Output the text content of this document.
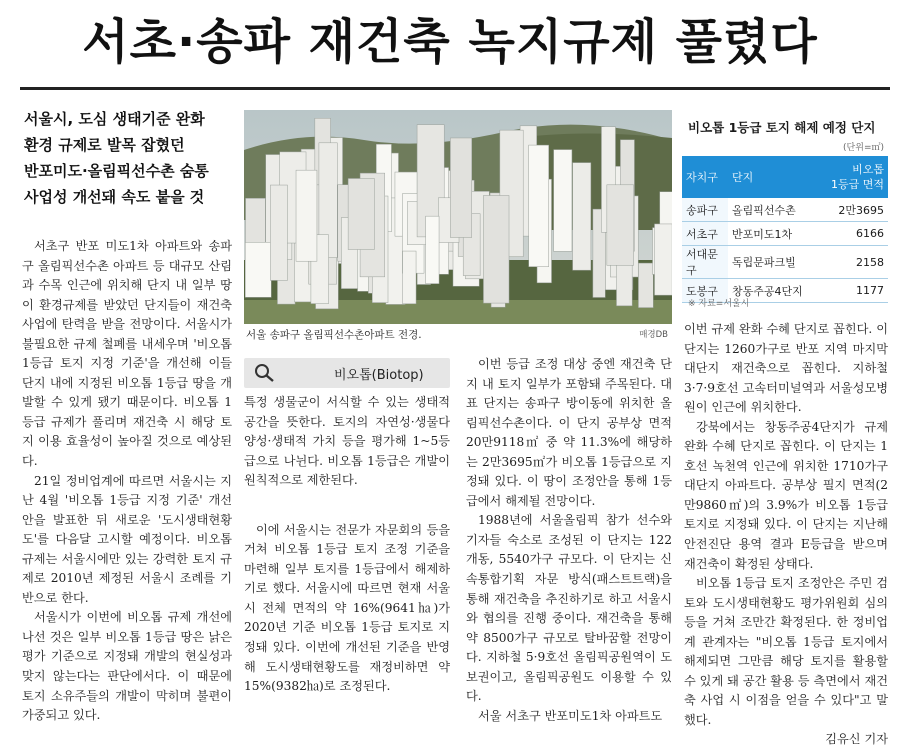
서초·송파 재건축 녹지규제 풀렸다
서울시, 도심 생태기준 완화
환경 규제로 발목 잡혔던
반포미도·올림픽선수촌 숨통
사업성 개선돼 속도 붙을 것
서울 송파구 올림픽선수촌아파트 전경.	매경DB
비오톱(Biotop)
비오톱 1등급 토지 해제 예정 단지
(단위=㎡)
자치구	단지	비오톱
1등급 면적
송파구	올림픽선수촌	2만3695
서초구	반포미도1차	6166
서대문구	독립문파크빌	2158
도봉구	창동주공4단지	1177
※ 자료=서울시

서초구 반포 미도1차 아파트와 송파구 올림픽선수촌 아파트 등 대규모 산림과 수목 인근에 위치해 단지 내 일부 땅이 환경규제를 받았던 단지들이 재건축 사업에 탄력을 받을 전망이다. 서울시가 불필요한 규제 철폐를 내세우며 '비오톱 1등급 토지 지정 기준'을 개선해 이들 단지 내에 지정된 비오톱 1등급 땅을 개발할 수 있게 됐기 때문이다. 비오톱 1등급 규제가 풀리며 재건축 시 해당 토지 이용 효율성이 높아질 것으로 예상된다.

21일 정비업계에 따르면 서울시는 지난 4월 '비오톱 1등급 지정 기준' 개선안을 발표한 뒤 새로운 '도시생태현황도'를 다음달 고시할 예정이다. 비오톱 규제는 서울시에만 있는 강력한 토지 규제로 2010년 제정된 서울시 조례를 기반으로 한다.

서울시가 이번에 비오톱 규제 개선에 나선 것은 일부 비오톱 1등급 땅은 낡은 평가 기준으로 지정돼 개발의 현실성과 맞지 않는다는 판단에서다. 이 때문에 토지 소유주들의 개발이 막히며 불편이 가중되고 있다.

특정 생물군이 서식할 수 있는 생태적 공간을 뜻한다. 토지의 자연성·생물다양성·생태적 가치 등을 평가해 1~5등급으로 나뉜다. 비오톱 1등급은 개발이 원칙적으로 제한된다.

이에 서울시는 전문가 자문회의 등을 거쳐 비오톱 1등급 토지 조정 기준을 마련해 일부 토지를 1등급에서 해제하기로 했다. 서울시에 따르면 현재 서울시 전체 면적의 약 16%(9641㏊)가 2020년 기준 비오톱 1등급 토지로 지정돼 있다. 이번에 개선된 기준을 반영해 도시생태현황도를 재정비하면 약 15%(9382㏊)로 조정된다.

이번 등급 조정 대상 중엔 재건축 단지 내 토지 일부가 포함돼 주목된다. 대표 단지는 송파구 방이동에 위치한 올림픽선수촌이다. 이 단지 공부상 면적 20만9118㎡ 중 약 11.3%에 해당하는 2만3695㎡가 비오톱 1등급으로 지정돼 있다. 이 땅이 조정안을 통해 1등급에서 해제될 전망이다.

1988년에 서울올림픽 참가 선수와 기자들 숙소로 조성된 이 단지는 122개동, 5540가구 규모다. 이 단지는 신속통합기획 자문 방식(패스트트랙)을 통해 재건축을 추진하기로 하고 서울시와 협의를 진행 중이다. 재건축을 통해 약 8500가구 규모로 탈바꿈할 전망이다. 지하철 5·9호선 올림픽공원역이 도보권이고, 올림픽공원도 이용할 수 있다.

서울 서초구 반포미도1차 아파트도

이번 규제 완화 수혜 단지로 꼽힌다. 이 단지는 1260가구로 반포 지역 마지막 대단지 재건축으로 꼽힌다. 지하철 3·7·9호선 고속터미널역과 서울성모병원이 인근에 위치한다.

강북에서는 창동주공4단지가 규제 완화 수혜 단지로 꼽힌다. 이 단지는 1호선 녹천역 인근에 위치한 1710가구 대단지 아파트다. 공부상 필지 면적(2만9860㎡)의 3.9%가 비오톱 1등급 토지로 지정돼 있다. 이 단지는 지난해 안전진단 용역 결과 E등급을 받으며 재건축이 확정된 상태다.

비오톱 1등급 토지 조정안은 주민 검토와 도시생태현황도 평가위원회 심의 등을 거쳐 조만간 확정된다. 한 정비업계 관계자는 "비오톱 1등급 토지에서 해제되면 그만큼 해당 토지를 활용할 수 있게 돼 공간 활용 등 측면에서 재건축 사업 시 이점을 얻을 수 있다"고 말했다.

김유신 기자
